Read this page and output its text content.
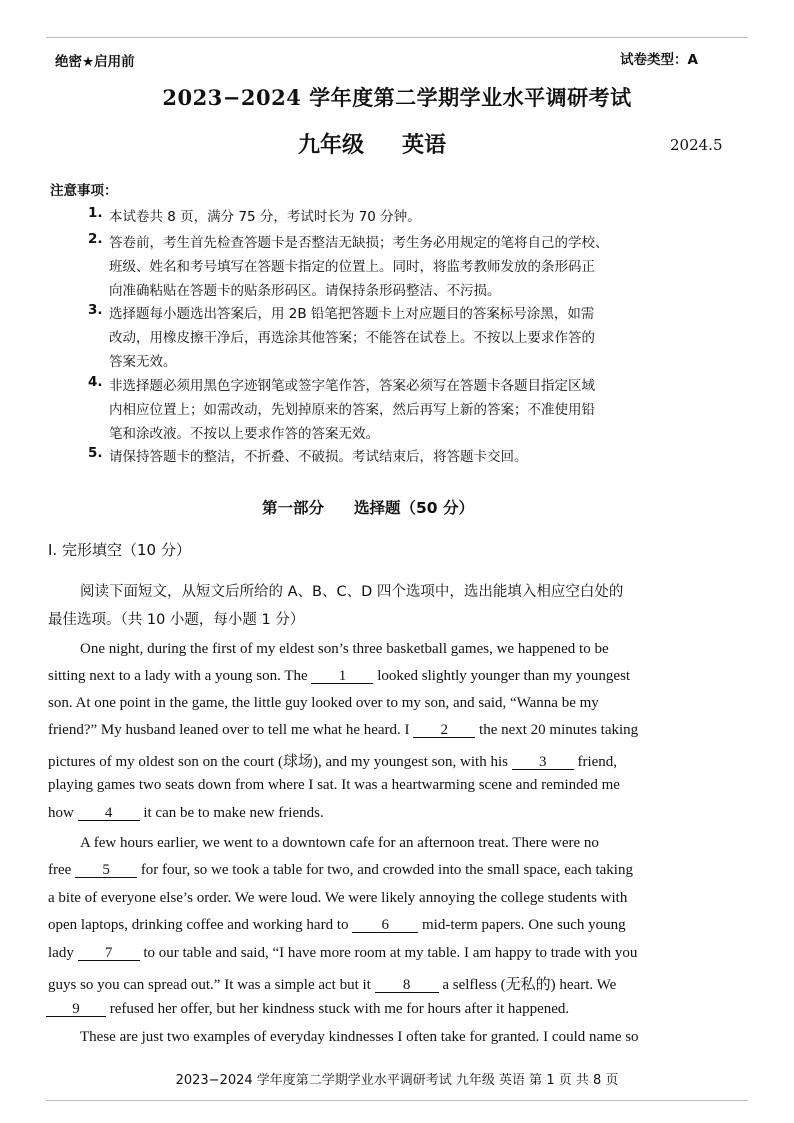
绝密★启用前	试卷类型：A
2023−2024 学年度第二学期学业水平调研考试
九年级 英语	2024.5
注意事项：
1. 本试卷共 8 页，满分 75 分，考试时长为 70 分钟。
2. 答卷前，考生首先检查答题卡是否整洁无缺损；考生务必用规定的笔将自己的学校、
班级、姓名和考号填写在答题卡指定的位置上。同时，将监考教师发放的条形码正
向准确粘贴在答题卡的贴条形码区。请保持条形码整洁、不污损。
3. 选择题每小题选出答案后，用 2B 铅笔把答题卡上对应题目的答案标号涂黑，如需
改动，用橡皮擦干净后，再选涂其他答案；不能答在试卷上。不按以上要求作答的
答案无效。
4. 非选择题必须用黑色字迹钢笔或签字笔作答，答案必须写在答题卡各题目指定区域
内相应位置上；如需改动，先划掉原来的答案，然后再写上新的答案；不准使用铅
笔和涂改液。不按以上要求作答的答案无效。
5. 请保持答题卡的整洁，不折叠、不破损。考试结束后，将答题卡交回。
第一部分 选择题（50 分）
I. 完形填空（10 分）
阅读下面短文，从短文后所给的 A、B、C、D 四个选项中，选出能填入相应空白处的
最佳选项。（共 10 小题，每小题 1 分）
One night, during the first of my eldest son’s three basketball games, we happened to be
sitting next to a lady with a young son. The 1 looked slightly younger than my youngest
son. At one point in the game, the little guy looked over to my son, and said, “Wanna be my
friend?” My husband leaned over to tell me what he heard. I 2 the next 20 minutes taking
pictures of my oldest son on the court (球场), and my youngest son, with his 3 friend,
playing games two seats down from where I sat. It was a heartwarming scene and reminded me
how 4 it can be to make new friends.
A few hours earlier, we went to a downtown cafe for an afternoon treat. There were no
free 5 for four, so we took a table for two, and crowded into the small space, each taking
a bite of everyone else’s order. We were loud. We were likely annoying the college students with
open laptops, drinking coffee and working hard to 6 mid-term papers. One such young
lady 7 to our table and said, “I have more room at my table. I am happy to trade with you
guys so you can spread out.” It was a simple act but it 8 a selfless (无私的) heart. We
9 refused her offer, but her kindness stuck with me for hours after it happened.
These are just two examples of everyday kindnesses I often take for granted. I could name so
2023−2024 学年度第二学期学业水平调研考试 九年级 英语 第 1 页 共 8 页
